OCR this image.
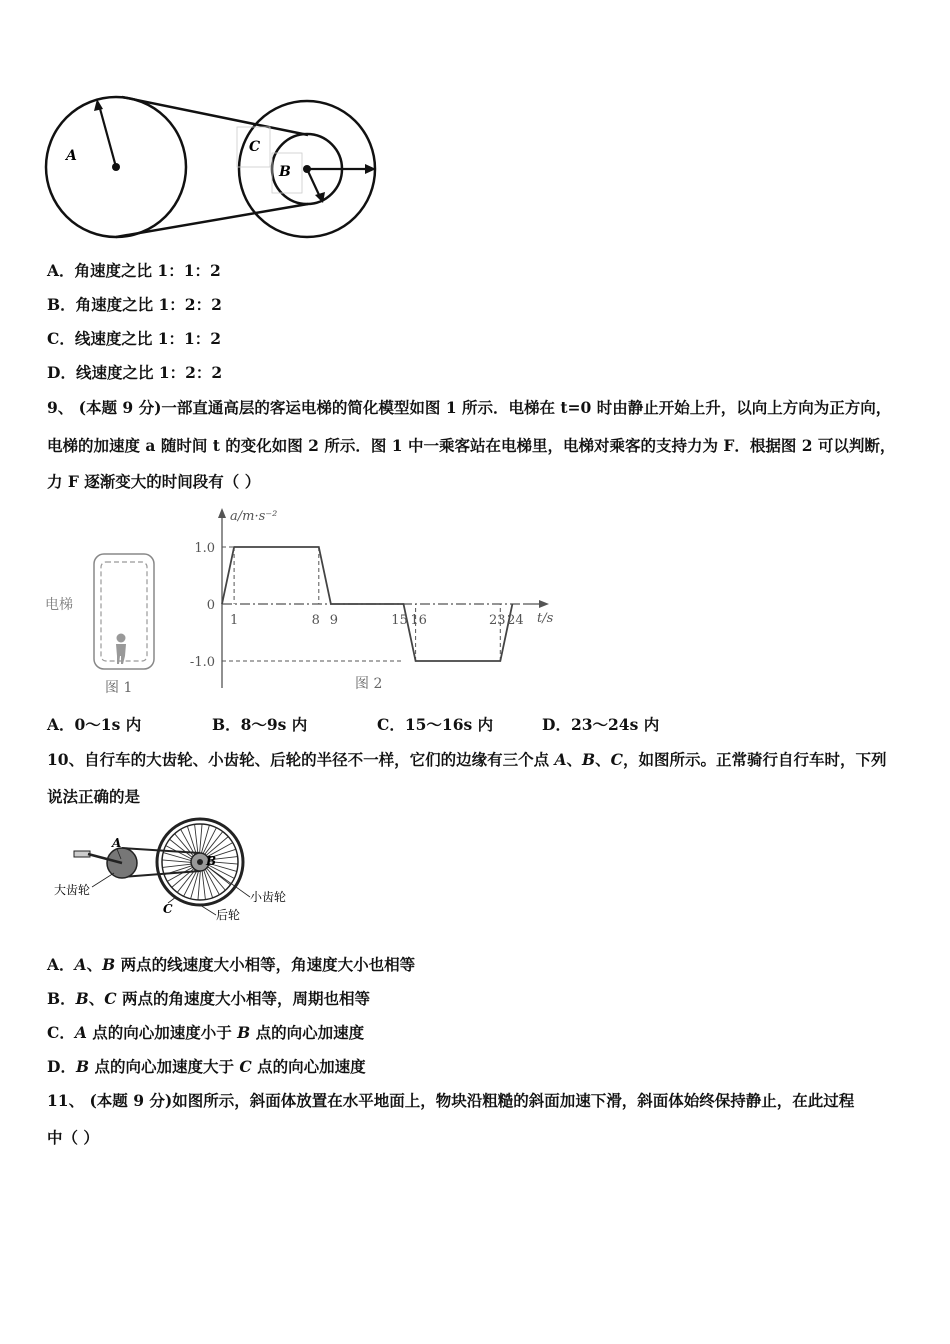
A
C
B
A．角速度之比 1：1：2
B．角速度之比 1：2：2
C．线速度之比 1：1：2
D．线速度之比 1：2：2
9、 (本题 9 分)一部直通高层的客运电梯的简化模型如图 1 所示．电梯在 t=0 时由静止开始上升，以向上方向为正方向，
电梯的加速度 a 随时间 t 的变化如图 2 所示．图 1 中一乘客站在电梯里，电梯对乘客的支持力为 F．根据图 2 可以判断，
力 F 逐渐变大的时间段有（ ）
电梯
图 1
a/m·s⁻²
t/s
图 2
1.0
0
-1.0
1	8 9	15 16	23 24
A．0～1s 内	B．8～9s 内	C．15～16s 内	D．23～24s 内
10、自行车的大齿轮、小齿轮、后轮的半径不一样，它们的边缘有三个点 A、B、C，如图所示。正常骑行自行车时，下列
说法正确的是
A
B
C
大齿轮	小齿轮
后轮
A．A、B 两点的线速度大小相等，角速度大小也相等
B．B、C 两点的角速度大小相等，周期也相等
C．A 点的向心加速度小于 B 点的向心加速度
D．B 点的向心加速度大于 C 点的向心加速度
11、 (本题 9 分)如图所示，斜面体放置在水平地面上，物块沿粗糙的斜面加速下滑，斜面体始终保持静止，在此过程
中（ ）
